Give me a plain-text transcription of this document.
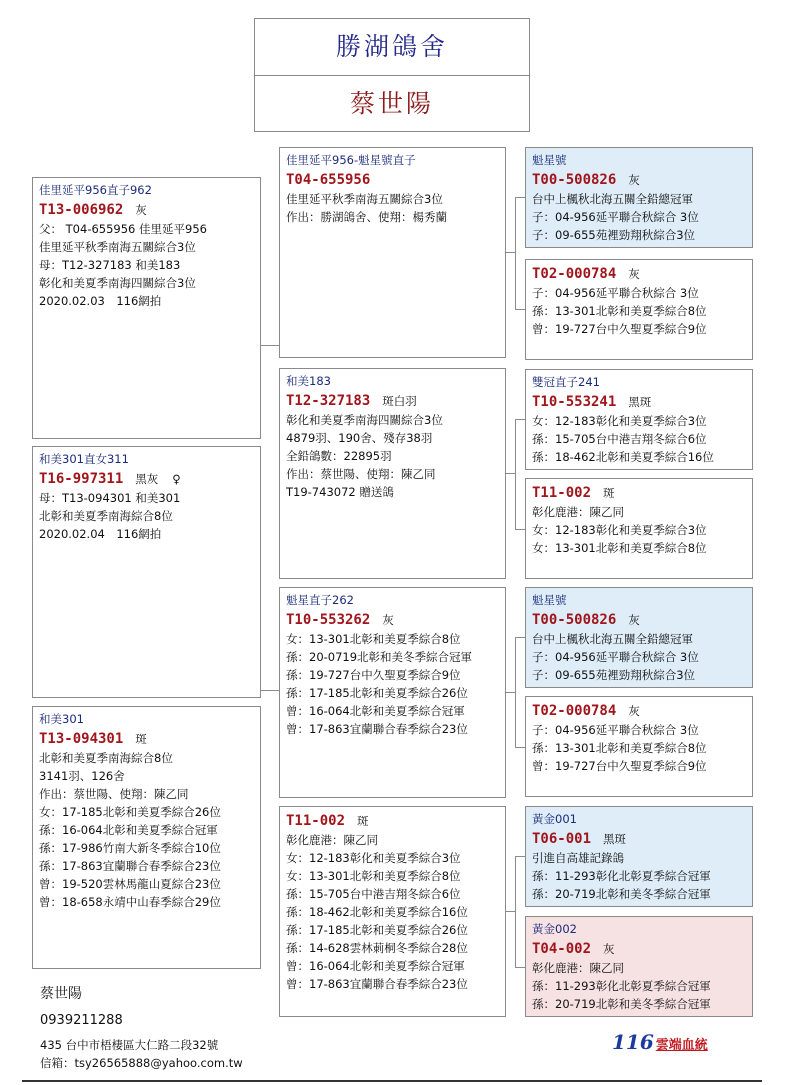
勝湖鴿舍
蔡世陽
佳里延平956直子962
T13-006962 灰
父： T04-655956 佳里延平956
佳里延平秋季南海五關綜合3位
母：T12-327183 和美183
彰化和美夏季南海四關綜合3位
2020.02.03　116網拍
和美301直女311
T16-997311 黑灰 ♀
母：T13-094301 和美301
北彰和美夏季南海綜合8位
2020.02.04　116網拍
和美301
T13-094301 斑
北彰和美夏季南海綜合8位
3141羽、126舍
作出：蔡世陽、使翔：陳乙同
女：17-185北彰和美夏季綜合26位
孫：16-064北彰和美夏季綜合冠軍
孫：17-986竹南大新冬季綜合10位
孫：17-863宜蘭聯合春季綜合23位
曾：19-520雲林馬龍山夏綜合23位
曾：18-658永靖中山春季綜合29位
佳里延平956-魁星號直子
T04-655956
佳里延平秋季南海五關綜合3位
作出：勝湖鴿舍、使翔：楊秀蘭
和美183
T12-327183 斑白羽
彰化和美夏季南海四關綜合3位
4879羽、190舍、殘存38羽
全鉛鴿數：22895羽
作出：蔡世陽、使翔：陳乙同
T19-743072 贈送鴿
魁星直子262
T10-553262 灰
女：13-301北彰和美夏季綜合8位
孫：20-0719北彰和美冬季綜合冠軍
孫：19-727台中久聖夏季綜合9位
孫：17-185北彰和美夏季綜合26位
曾：16-064北彰和美夏季綜合冠軍
曾：17-863宜蘭聯合春季綜合23位
T11-002 斑
彰化鹿港：陳乙同
女：12-183彰化和美夏季綜合3位
女：13-301北彰和美夏季綜合8位
孫：15-705台中港吉翔冬綜合6位
孫：18-462北彰和美夏季綜合16位
孫：17-185北彰和美夏季綜合26位
孫：14-628雲林莿桐冬季綜合28位
曾：16-064北彰和美夏季綜合冠軍
曾：17-863宜蘭聯合春季綜合23位
魁星號
T00-500826 灰
台中上楓秋北海五關全鉛總冠軍
子：04-956延平聯合秋綜合 3位
子：09-655苑裡勁翔秋綜合3位
T02-000784 灰
子：04-956延平聯合秋綜合 3位
孫：13-301北彰和美夏季綜合8位
曾：19-727台中久聖夏季綜合9位
雙冠直子241
T10-553241 黑斑
女：12-183彰化和美夏季綜合3位
孫：15-705台中港吉翔冬綜合6位
孫：18-462北彰和美夏季綜合16位
T11-002 斑
彰化鹿港：陳乙同
女：12-183彰化和美夏季綜合3位
女：13-301北彰和美夏季綜合8位
魁星號
T00-500826 灰
台中上楓秋北海五關全鉛總冠軍
子：04-956延平聯合秋綜合 3位
子：09-655苑裡勁翔秋綜合3位
T02-000784 灰
子：04-956延平聯合秋綜合 3位
孫：13-301北彰和美夏季綜合8位
曾：19-727台中久聖夏季綜合9位
黃金001
T06-001 黑斑
引進自高雄記錄鴿
孫：11-293彰化北彰夏季綜合冠軍
孫：20-719北彰和美冬季綜合冠軍
黃金002
T04-002 灰
彰化鹿港：陳乙同
孫：11-293彰化北彰夏季綜合冠軍
孫：20-719北彰和美冬季綜合冠軍
蔡世陽
0939211288
435 台中市梧棲區大仁路二段32號
信箱：tsy26565888@yahoo.com.tw
116 雲端血統
